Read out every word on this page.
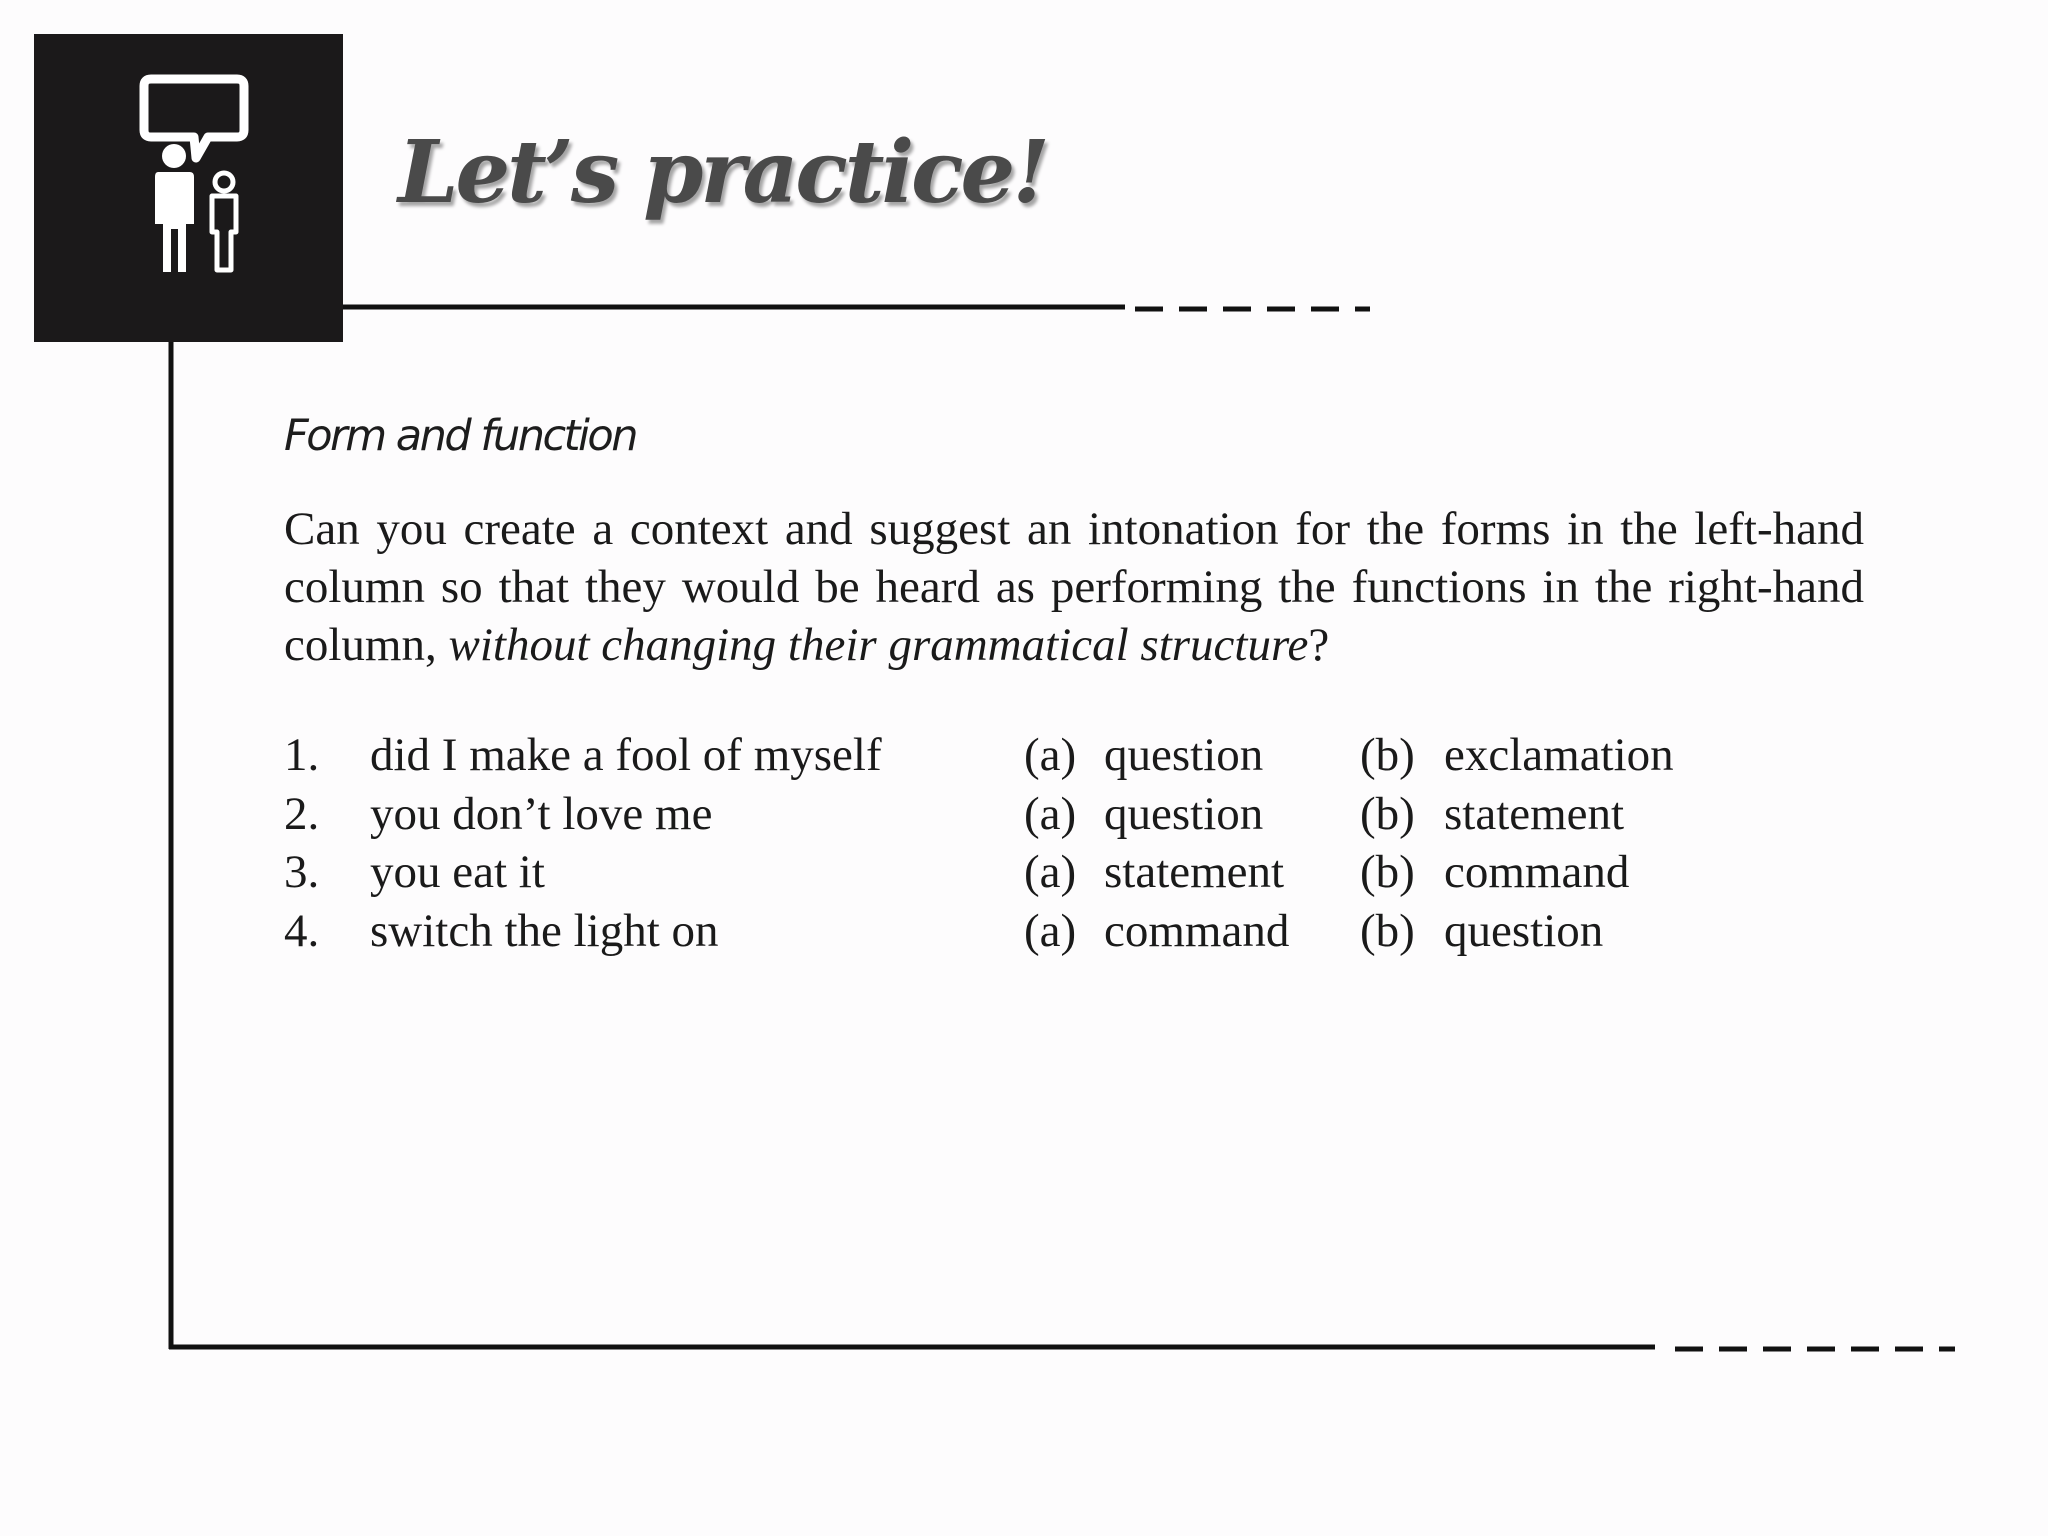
Let’s practice!

Form and function

Can you create a context and suggest an intonation for the forms in the left-hand column so that they would be heard as performing the functions in the right-hand column, without changing their grammatical structure?

1. did I make a fool of myself	(a) question (b) exclamation
2. you don’t love me	(a) question (b) statement
3. you eat it	(a) statement (b) command
4. switch the light on	(a) command (b) question
